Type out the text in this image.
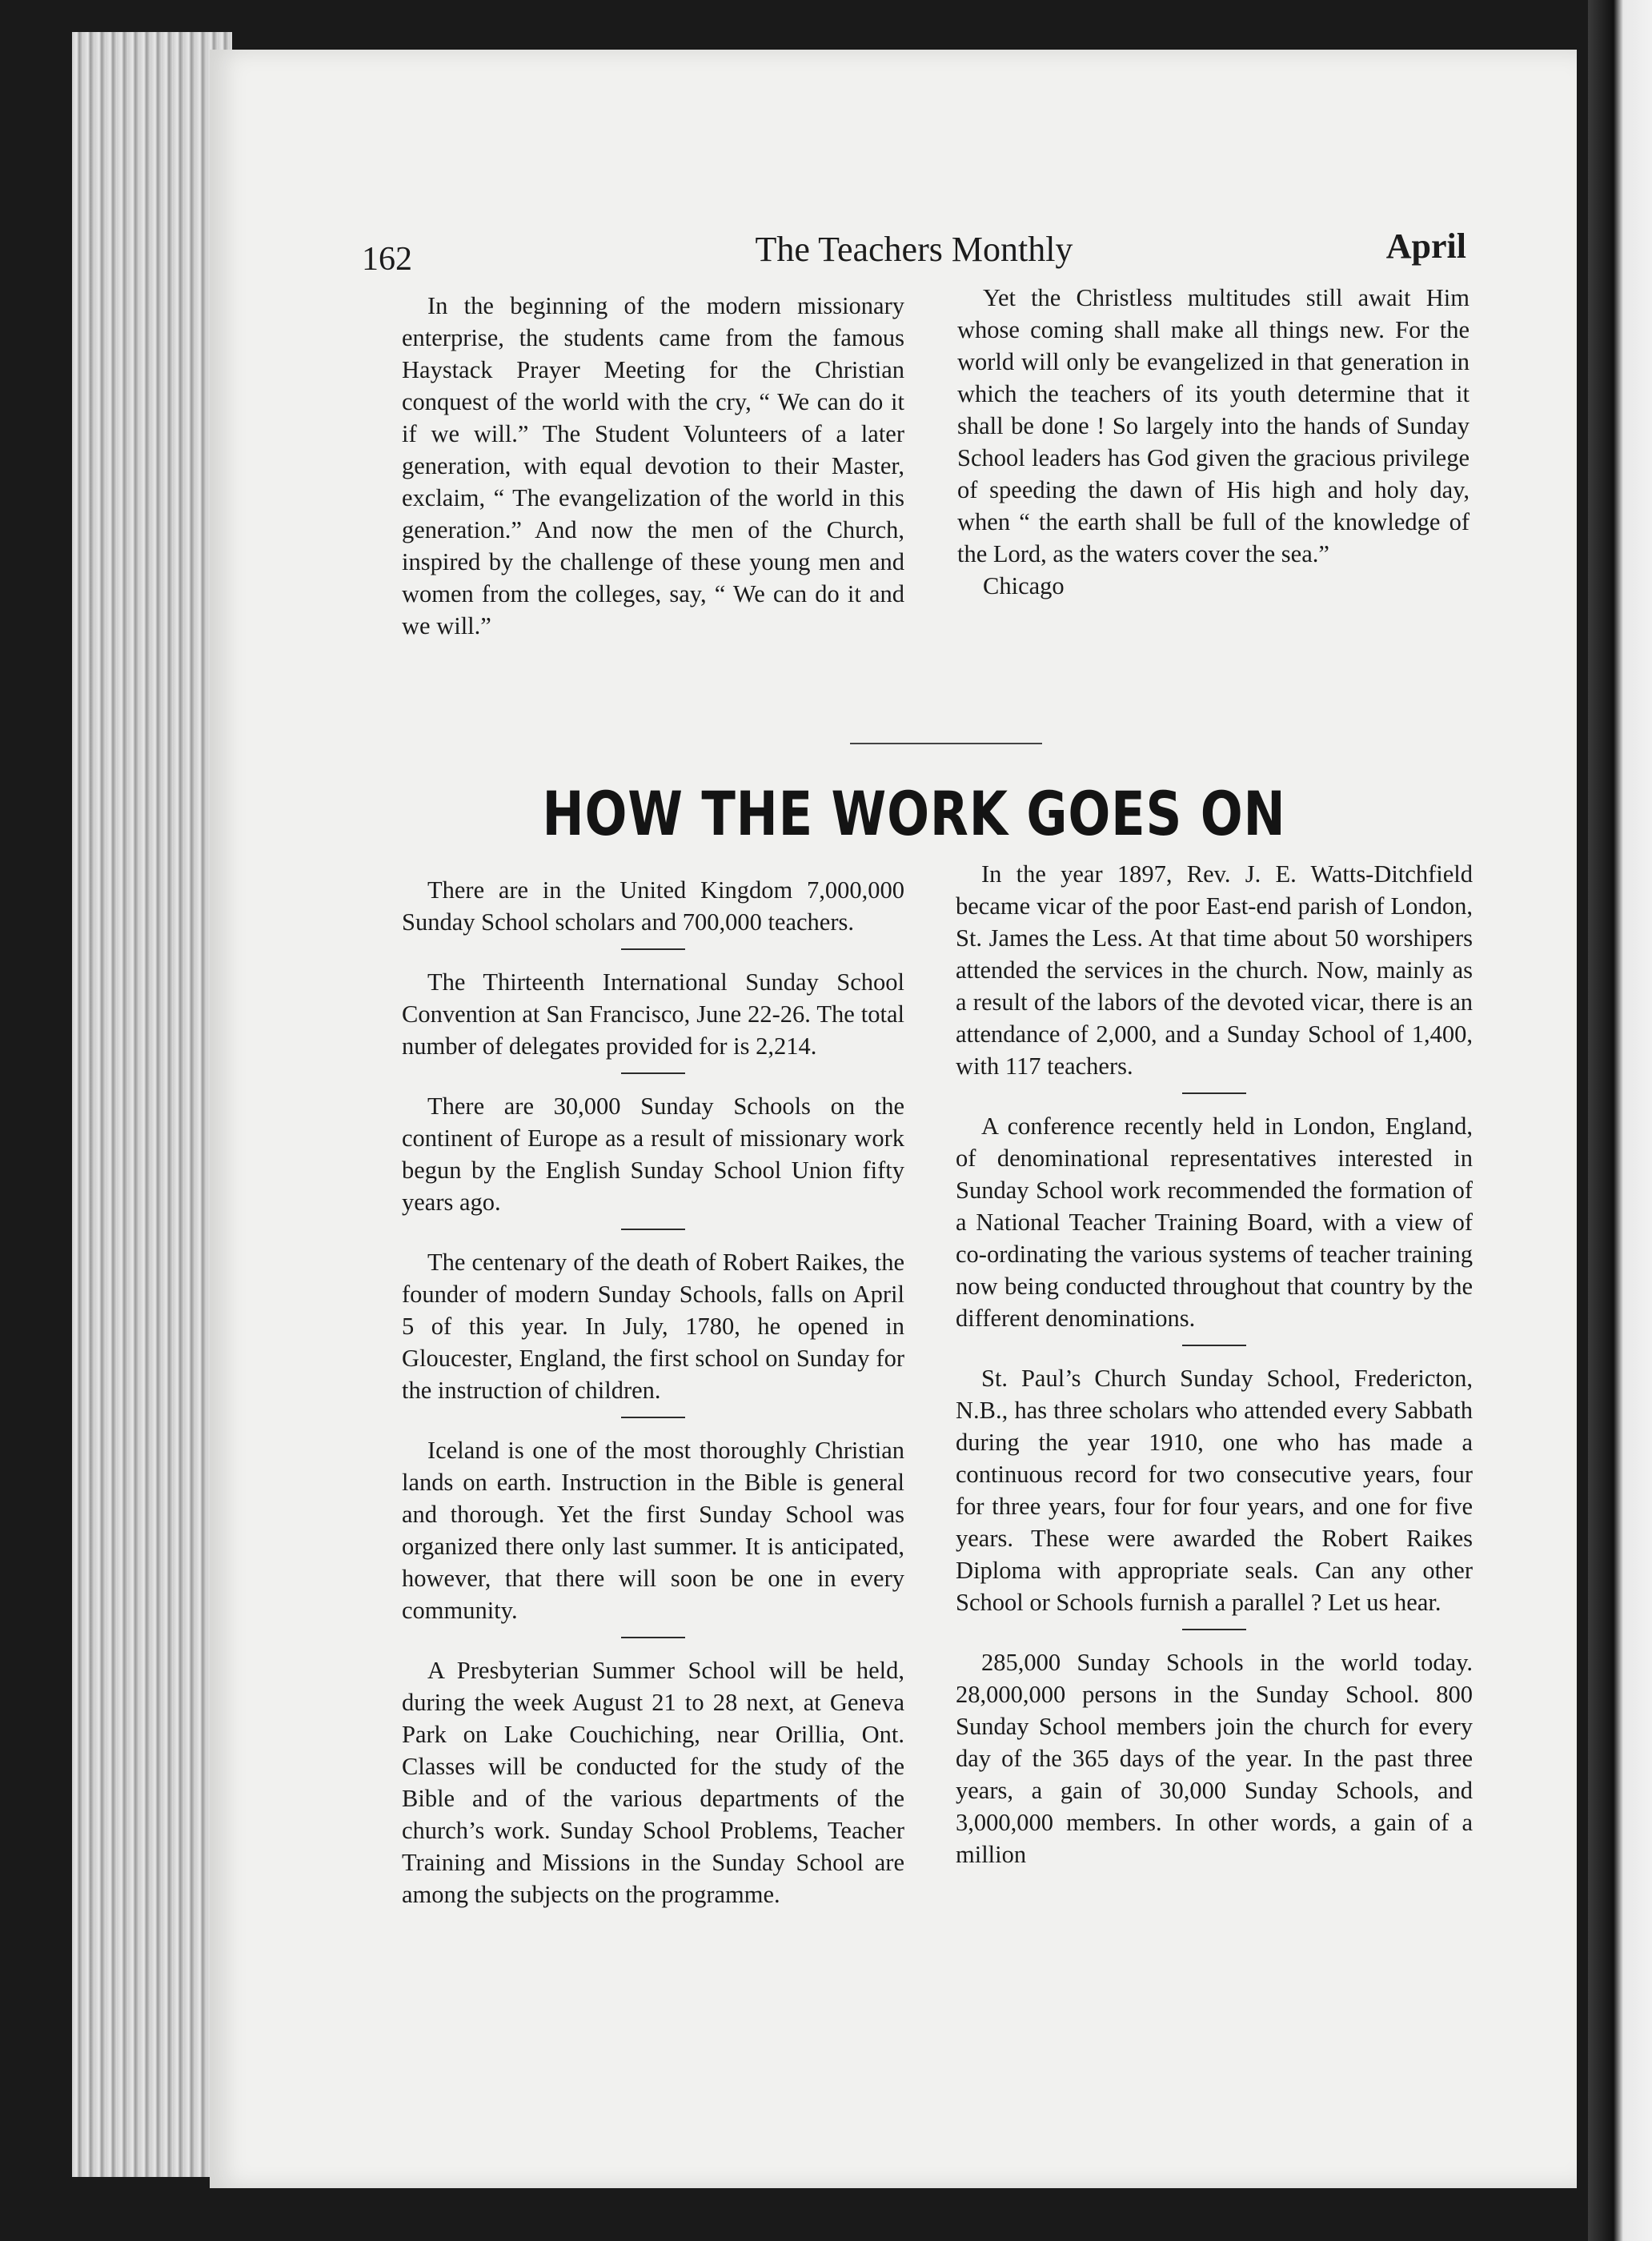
162	The Teachers Monthly	April

In the beginning of the modern missionary enterprise, the students came from the famous Haystack Prayer Meeting for the Christian conquest of the world with the cry, “ We can do it if we will.” The Student Volunteers of a later generation, with equal devotion to their Master, exclaim, “ The evangelization of the world in this generation.” And now the men of the Church, inspired by the challenge of these young men and women from the colleges, say, “ We can do it and we will.”

Yet the Christless multitudes still await Him whose coming shall make all things new. For the world will only be evangelized in that generation in which the teachers of its youth determine that it shall be done ! So largely into the hands of Sunday School leaders has God given the gracious privilege of speeding the dawn of His high and holy day, when “ the earth shall be full of the knowledge of the Lord, as the waters cover the sea.”

Chicago

HOW THE WORK GOES ON

There are in the United Kingdom 7,000,000 Sunday School scholars and 700,000 teachers.

The Thirteenth International Sunday School Convention at San Francisco, June 22-26. The total number of delegates provided for is 2,214.

There are 30,000 Sunday Schools on the continent of Europe as a result of missionary work begun by the English Sunday School Union fifty years ago.

The centenary of the death of Robert Raikes, the founder of modern Sunday Schools, falls on April 5 of this year. In July, 1780, he opened in Gloucester, England, the first school on Sunday for the instruction of children.

Iceland is one of the most thoroughly Christian lands on earth. Instruction in the Bible is general and thorough. Yet the first Sunday School was organized there only last summer. It is anticipated, however, that there will soon be one in every community.

A Presbyterian Summer School will be held, during the week August 21 to 28 next, at Geneva Park on Lake Couchiching, near Orillia, Ont. Classes will be conducted for the study of the Bible and of the various departments of the church’s work. Sunday School Problems, Teacher Training and Missions in the Sunday School are among the subjects on the programme.

In the year 1897, Rev. J. E. Watts-Ditchfield became vicar of the poor East-end parish of London, St. James the Less. At that time about 50 worshipers attended the services in the church. Now, mainly as a result of the labors of the devoted vicar, there is an attendance of 2,000, and a Sunday School of 1,400, with 117 teachers.

A conference recently held in London, England, of denominational representatives interested in Sunday School work recommended the formation of a National Teacher Training Board, with a view of co-ordinating the various systems of teacher training now being conducted throughout that country by the different denominations.

St. Paul’s Church Sunday School, Fredericton, N.B., has three scholars who attended every Sabbath during the year 1910, one who has made a continuous record for two consecutive years, four for three years, four for four years, and one for five years. These were awarded the Robert Raikes Diploma with appropriate seals. Can any other School or Schools furnish a parallel ? Let us hear.

285,000 Sunday Schools in the world today. 28,000,000 persons in the Sunday School. 800 Sunday School members join the church for every day of the 365 days of the year. In the past three years, a gain of 30,000 Sunday Schools, and 3,000,000 members. In other words, a gain of a million
